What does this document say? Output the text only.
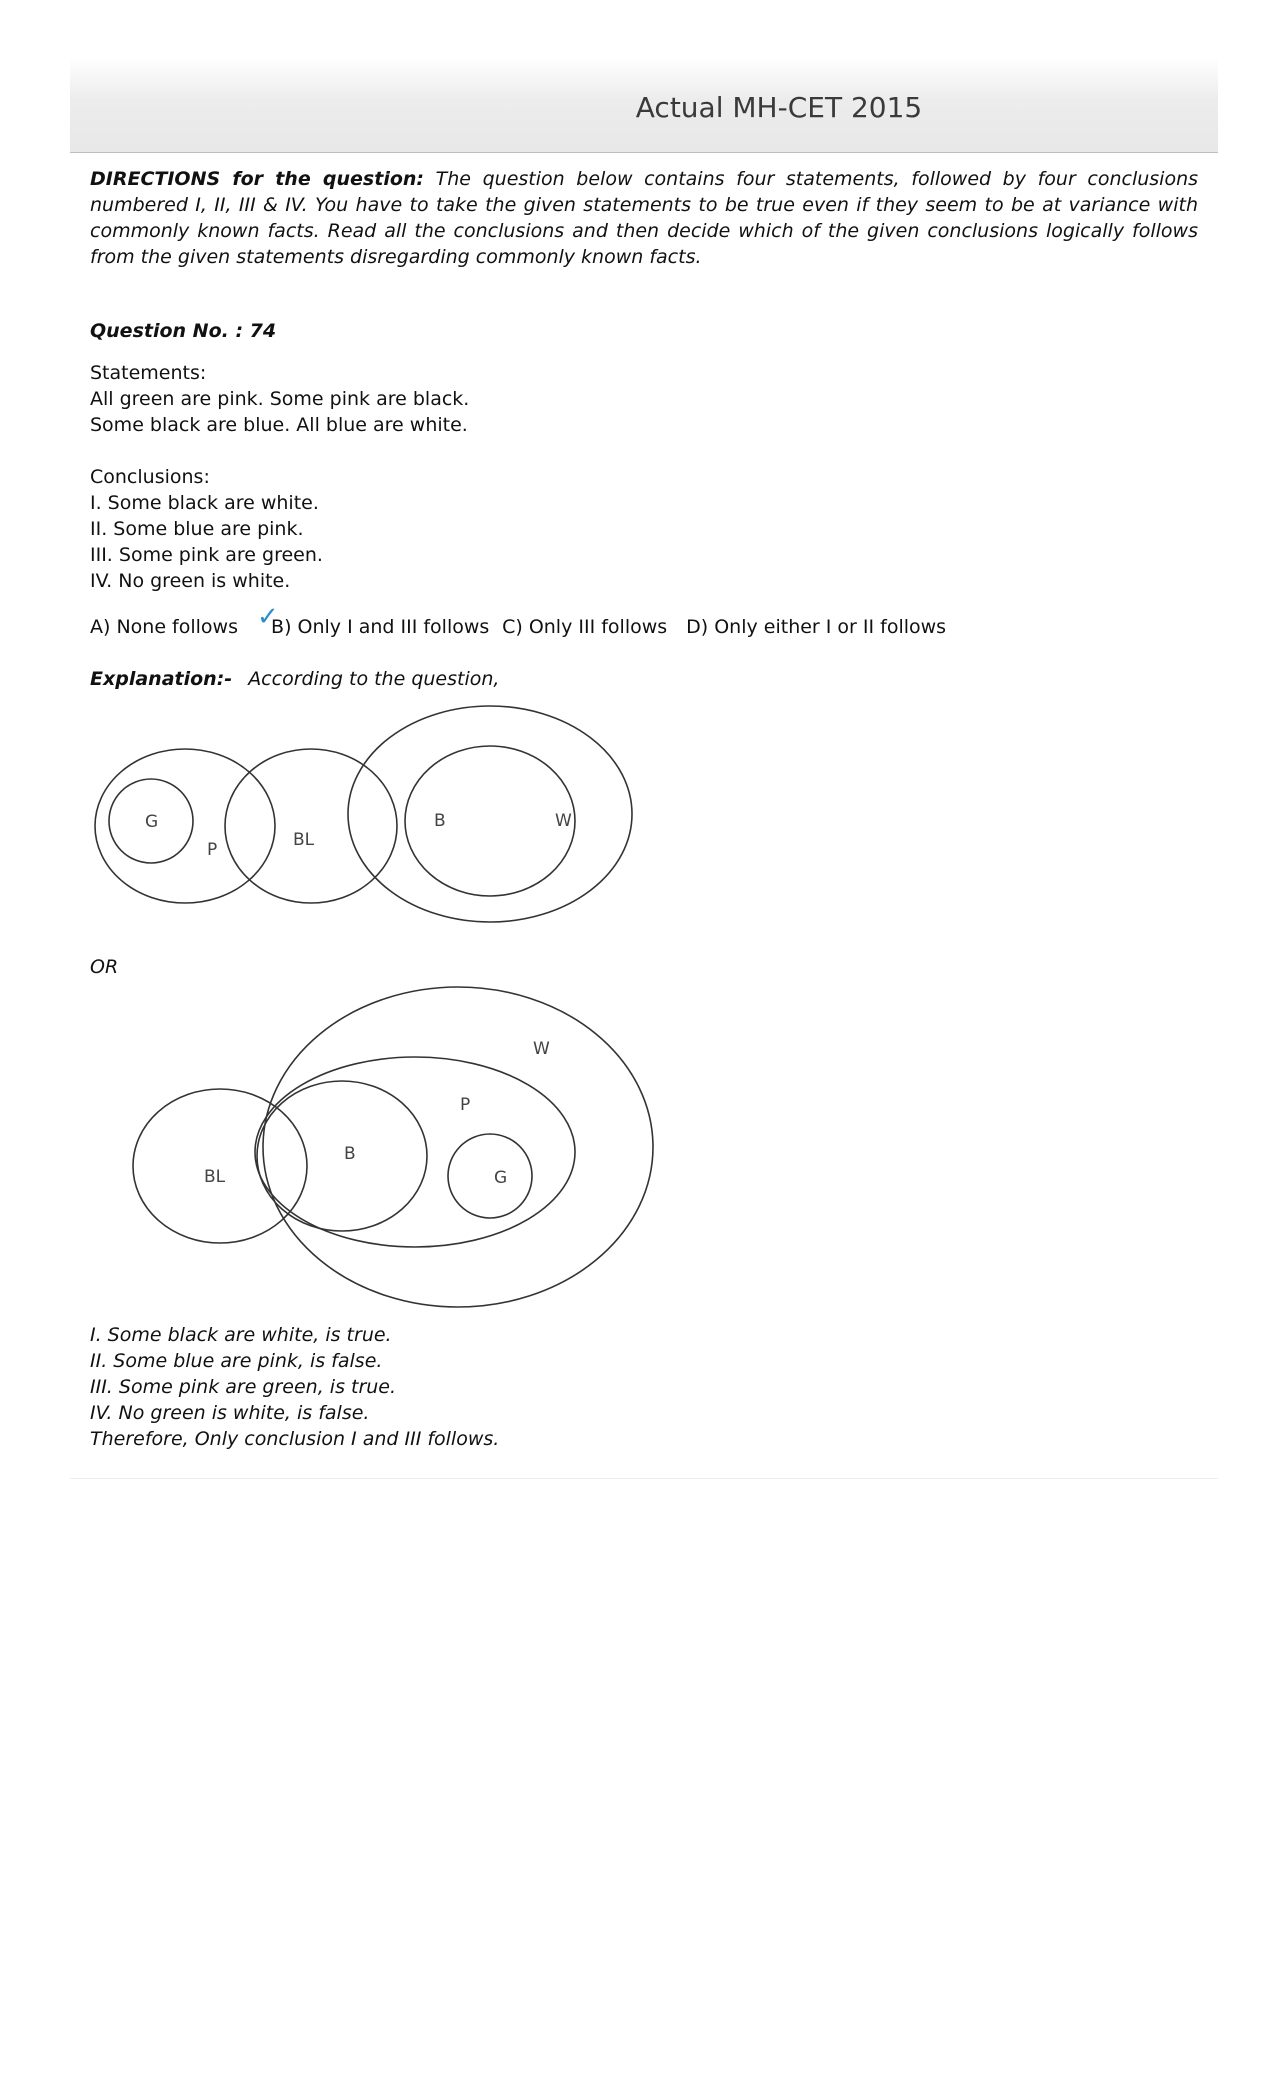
Actual MH-CET 2015

DIRECTIONS for the question: The question below contains four statements, followed by four conclusions numbered I, II, III & IV. You have to take the given statements to be true even if they seem to be at variance with commonly known facts. Read all the conclusions and then decide which of the given conclusions logically follows from the given statements disregarding commonly known facts.

Question No. : 74
Statements:
All green are pink. Some pink are black.
Some black are blue. All blue are white.
Conclusions:
I. Some black are white.
II. Some blue are pink.
III. Some pink are green.
IV. No green is white.
A) None follows ✓
B) Only I and III follows C) Only III follows D) Only either I or II follows
Explanation:- According to the question,
G
P	BL
B	W
W
P
BL
B
G
OR
I. Some black are white, is true.
II. Some blue are pink, is false.
III. Some pink are green, is true.
IV. No green is white, is false.
Therefore, Only conclusion I and III follows.
